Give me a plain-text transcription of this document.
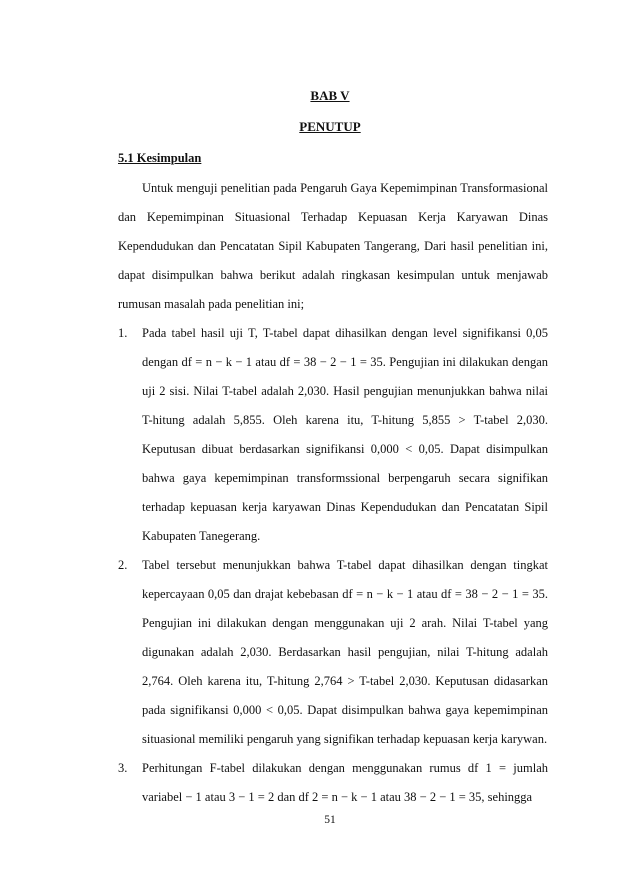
BAB V
PENUTUP
5.1 Kesimpulan

Untuk menguji penelitian pada Pengaruh Gaya Kepemimpinan Transformasional dan Kepemimpinan Situasional Terhadap Kepuasan Kerja Karyawan Dinas Kependudukan dan Pencatatan Sipil Kabupaten Tangerang, Dari hasil penelitian ini, dapat disimpulkan bahwa berikut adalah ringkasan kesimpulan untuk menjawab rumusan masalah pada penelitian ini;

1. Pada tabel hasil uji T, T-tabel dapat dihasilkan dengan level signifikansi 0,05 dengan df = n − k − 1 atau df = 38 − 2 − 1 = 35. Pengujian ini dilakukan dengan uji 2 sisi. Nilai T-tabel adalah 2,030. Hasil pengujian menunjukkan bahwa nilai T-hitung adalah 5,855. Oleh karena itu, T-hitung 5,855 > T-tabel 2,030. Keputusan dibuat berdasarkan signifikansi 0,000 < 0,05. Dapat disimpulkan bahwa gaya kepemimpinan transformssional berpengaruh secara signifikan terhadap kepuasan kerja karyawan Dinas Kependudukan dan Pencatatan Sipil Kabupaten Tanegerang.
2. Tabel tersebut menunjukkan bahwa T-tabel dapat dihasilkan dengan tingkat kepercayaan 0,05 dan drajat kebebasan df = n − k − 1 atau df = 38 − 2 − 1 = 35. Pengujian ini dilakukan dengan menggunakan uji 2 arah. Nilai T-tabel yang digunakan adalah 2,030. Berdasarkan hasil pengujian, nilai T-hitung adalah 2,764. Oleh karena itu, T-hitung 2,764 > T-tabel 2,030. Keputusan didasarkan pada signifikansi 0,000 < 0,05. Dapat disimpulkan bahwa gaya kepemimpinan situasional memiliki pengaruh yang signifikan terhadap kepuasan kerja karywan.
3. Perhitungan F-tabel dilakukan dengan menggunakan rumus df 1 = jumlah variabel − 1 atau 3 − 1 = 2 dan df 2 = n − k − 1 atau 38 − 2 − 1 = 35, sehingga
51
